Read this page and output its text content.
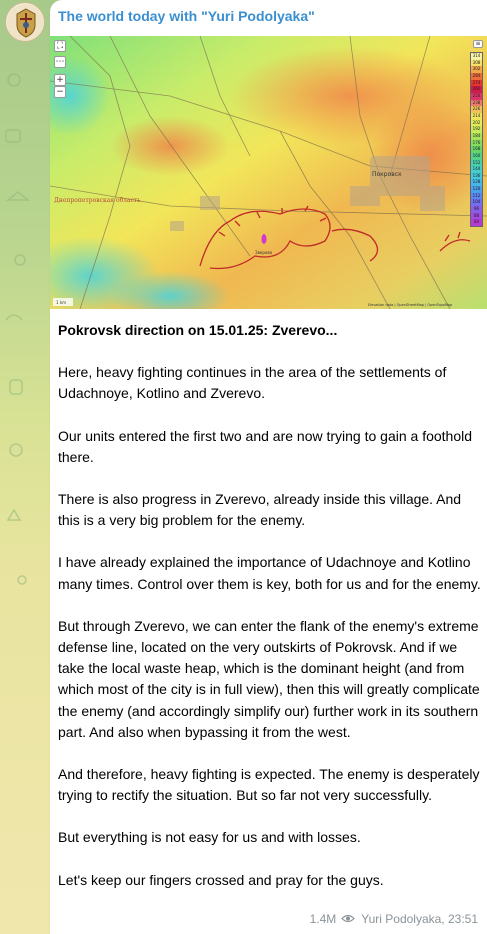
The world today with "Yuri Podolyaka"
Днепропетровская область
Покровск
Зверево
Elevation data | OpenStreetMap | OpenTopoMap
1 km
⛶
⋯
+
−
≡
314
308
302
284
274
262
250
238
226
214
202
192
184
176
168
160
152
144
136
128
120
112
104
96
88
80

Pokrovsk direction on 15.01.25: Zverevo...

Here, heavy fighting continues in the area of the settlements of Udachnoye, Kotlino and Zverevo.

Our units entered the first two and are now trying to gain a foothold there.

There is also progress in Zverevo, already inside this village. And this is a very big problem for the enemy.

I have already explained the importance of Udachnoye and Kotlino many times. Control over them is key, both for us and for the enemy.

But through Zverevo, we can enter the flank of the enemy's extreme defense line, located on the very outskirts of Pokrovsk. And if we take the local waste heap, which is the dominant height (and from which most of the city is in full view), then this will greatly complicate the enemy (and accordingly simplify our) further work in its southern part. And also when bypassing it from the west.

And therefore, heavy fighting is expected. The enemy is desperately trying to rectify the situation. But so far not very successfully.

But everything is not easy for us and with losses.

Let's keep our fingers crossed and pray for the guys.

1.4M Yuri Podolyaka, 23:51
